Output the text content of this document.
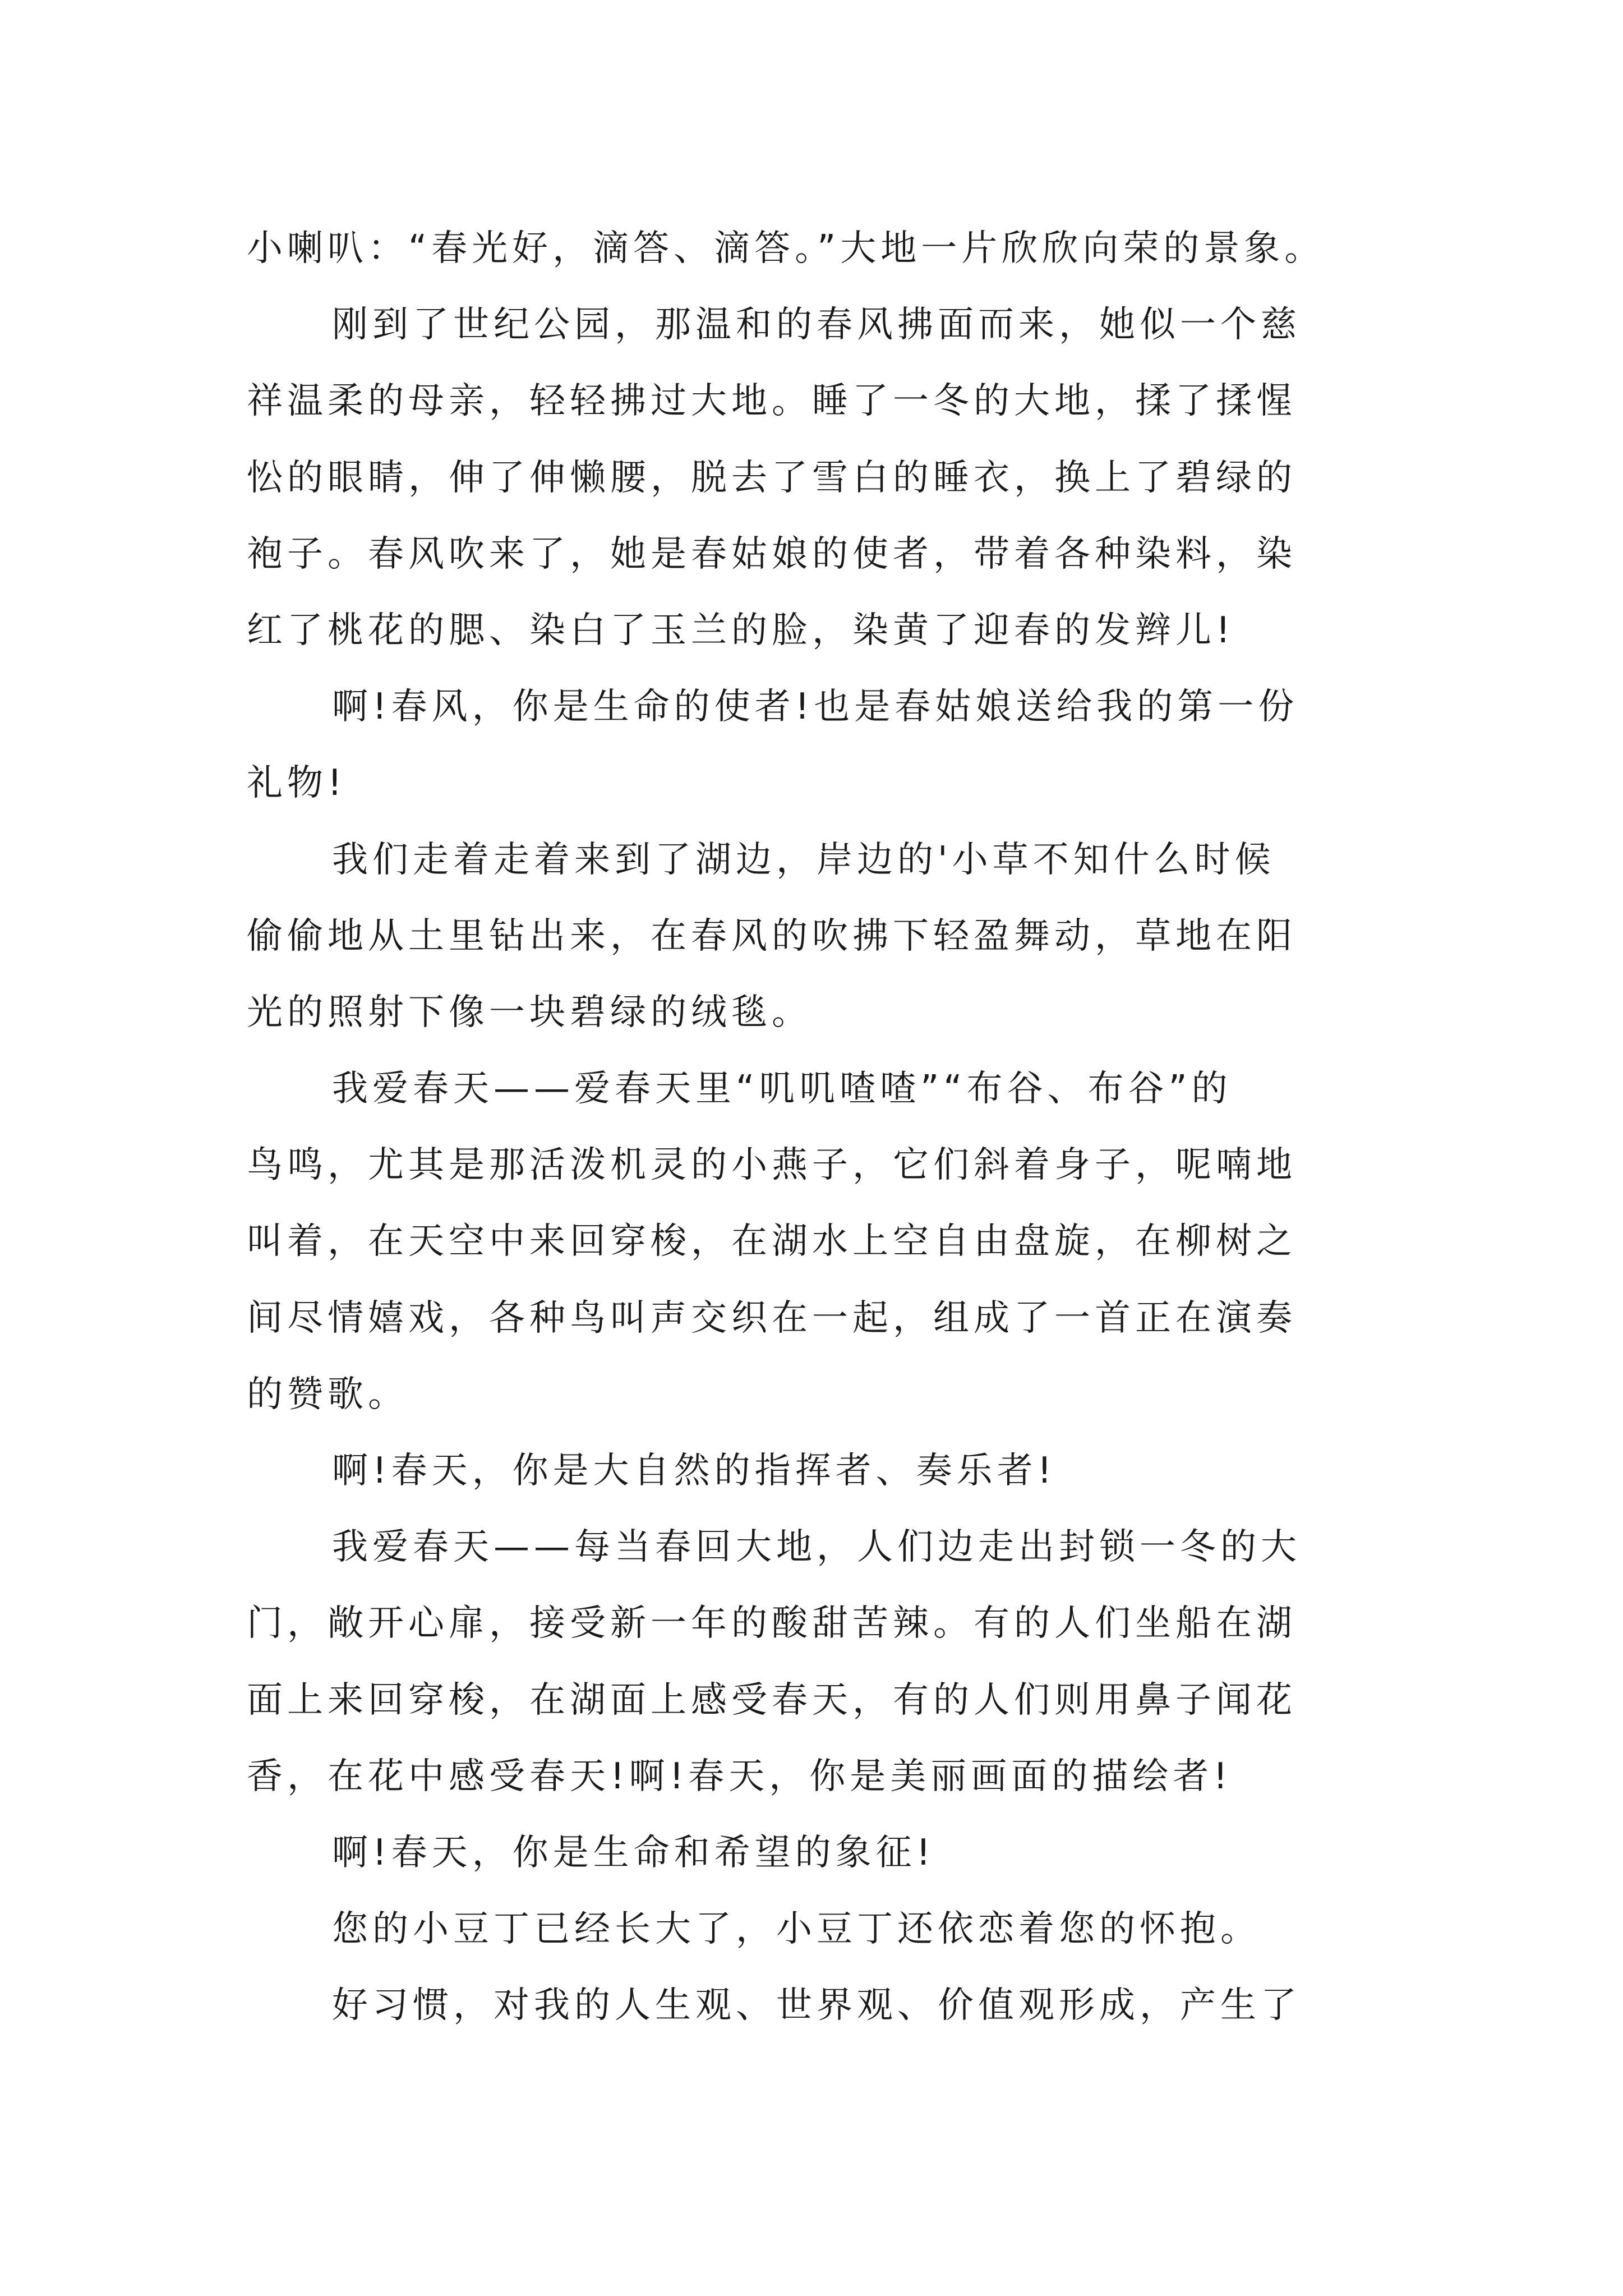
小喇叭：“春光好，滴答、滴答。”大地一片欣欣向荣的景象。
刚到了世纪公园，那温和的春风拂面而来，她似一个慈
祥温柔的母亲，轻轻拂过大地。睡了一冬的大地，揉了揉惺
忪的眼睛，伸了伸懒腰，脱去了雪白的睡衣，换上了碧绿的
袍子。春风吹来了，她是春姑娘的使者，带着各种染料，染
红了桃花的腮、染白了玉兰的脸，染黄了迎春的发辫儿!
啊!春风，你是生命的使者!也是春姑娘送给我的第一份
礼物!
我们走着走着来到了湖边，岸边的'小草不知什么时候
偷偷地从土里钻出来，在春风的吹拂下轻盈舞动，草地在阳
光的照射下像一块碧绿的绒毯。
我爱春天——爱春天里“叽叽喳喳”“布谷、布谷”的
鸟鸣，尤其是那活泼机灵的小燕子，它们斜着身子，呢喃地
叫着，在天空中来回穿梭，在湖水上空自由盘旋，在柳树之
间尽情嬉戏，各种鸟叫声交织在一起，组成了一首正在演奏
的赞歌。
啊!春天，你是大自然的指挥者、奏乐者!
我爱春天——每当春回大地，人们边走出封锁一冬的大
门，敞开心扉，接受新一年的酸甜苦辣。有的人们坐船在湖
面上来回穿梭，在湖面上感受春天，有的人们则用鼻子闻花
香，在花中感受春天!啊!春天，你是美丽画面的描绘者!
啊!春天，你是生命和希望的象征!
您的小豆丁已经长大了，小豆丁还依恋着您的怀抱。
好习惯，对我的人生观、世界观、价值观形成，产生了
